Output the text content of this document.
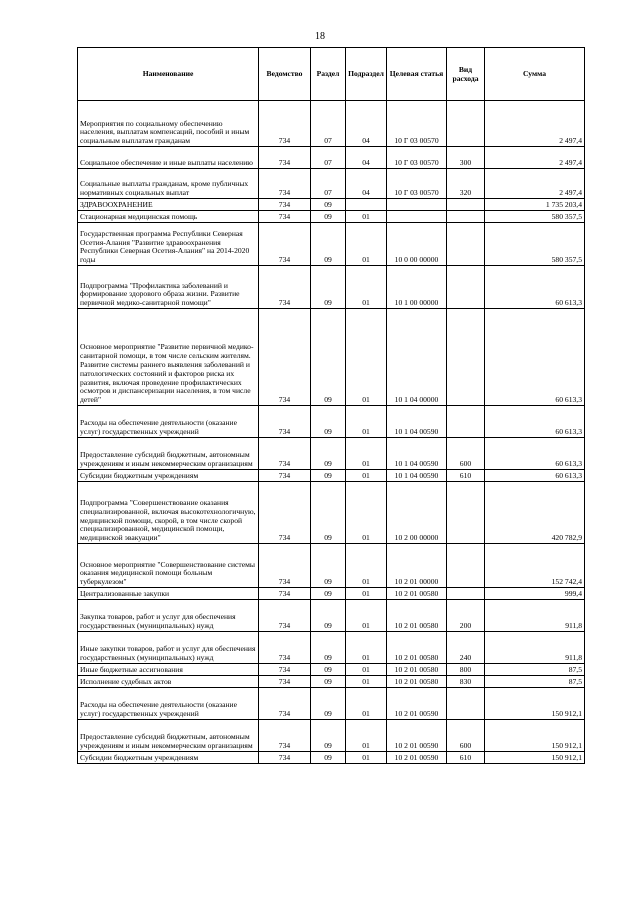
18
Наименование	Ведомство	Раздел	Подраздел	Целевая статья	Вид расхода	Сумма
Мероприятия по социальному обеспечению населения, выплатам компенсаций, пособий и иным социальным выплатам гражданам	734	07	04	10 Г 03 00570		2 497,4
Социальное обеспечение и иные выплаты населению	734	07	04	10 Г 03 00570	300	2 497,4
Социальные выплаты гражданам, кроме публичных нормативных социальных выплат	734	07	04	10 Г 03 00570	320	2 497,4
ЗДРАВООХРАНЕНИЕ	734	09				1 735 203,4
Стационарная медицинская помощь	734	09	01			580 357,5
Государственная программа Республики Северная Осетия-Алания "Развитие здравоохранения Республики Северная Осетия-Алания" на 2014-2020 годы	734	09	01	10 0 00 00000		580 357,5
Подпрограмма "Профилактика заболеваний и формирование здорового образа жизни. Развитие первичной медико-санитарной помощи"	734	09	01	10 1 00 00000		60 613,3
Основное мероприятие "Развитие первичной медико-санитарной помощи, в том числе сельским жителям. Развитие системы раннего выявления заболеваний и патологических состояний и факторов риска их развития, включая проведение профилактических осмотров и диспансеризации населения, в том числе детей"	734	09	01	10 1 04 00000		60 613,3
Расходы на обеспечение деятельности (оказание услуг) государственных учреждений	734	09	01	10 1 04 00590		60 613,3
Предоставление субсидий бюджетным, автономным учреждениям и иным некоммерческим организациям	734	09	01	10 1 04 00590	600	60 613,3
Субсидии бюджетным учреждениям	734	09	01	10 1 04 00590	610	60 613,3
Подпрограмма "Совершенствование оказания специализированной, включая высокотехнологичную, медицинской помощи, скорой, в том числе скорой специализированной, медицинской помощи, медицинской эвакуации"	734	09	01	10 2 00 00000		420 782,9
Основное мероприятие "Совершенствование системы оказания медицинской помощи больным туберкулезом"	734	09	01	10 2 01 00000		152 742,4
Централизованные закупки	734	09	01	10 2 01 00580		999,4
Закупка товаров, работ и услуг для обеспечения государственных (муниципальных) нужд	734	09	01	10 2 01 00580	200	911,8
Иные закупки товаров, работ и услуг для обеспечения государственных (муниципальных) нужд	734	09	01	10 2 01 00580	240	911,8
Иные бюджетные ассигнования	734	09	01	10 2 01 00580	800	87,5
Исполнение судебных актов	734	09	01	10 2 01 00580	830	87,5
Расходы на обеспечение деятельности (оказание услуг) государственных учреждений	734	09	01	10 2 01 00590		150 912,1
Предоставление субсидий бюджетным, автономным учреждениям и иным некоммерческим организациям	734	09	01	10 2 01 00590	600	150 912,1
Субсидии бюджетным учреждениям	734	09	01	10 2 01 00590	610	150 912,1
